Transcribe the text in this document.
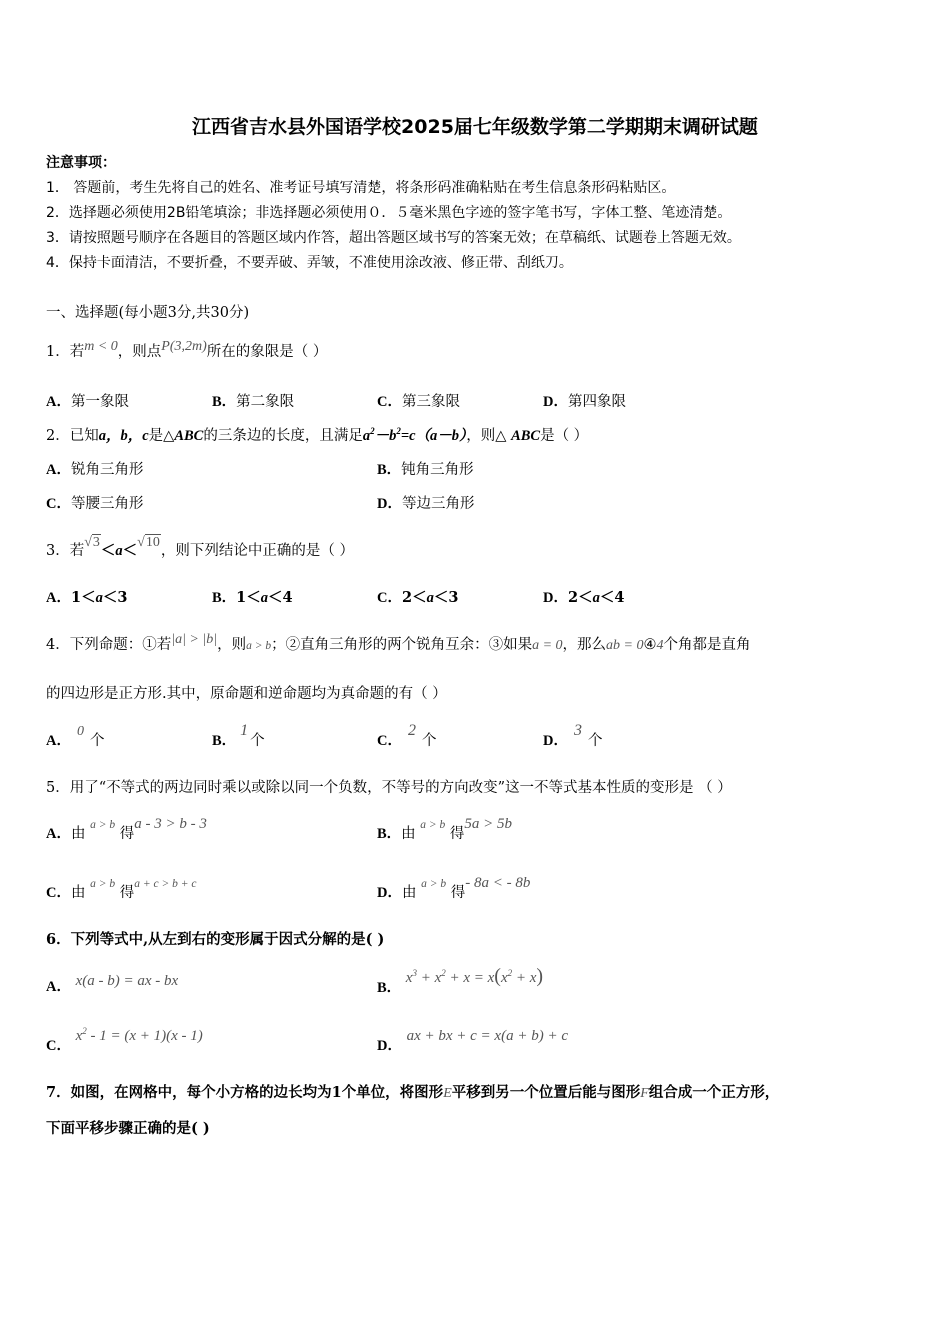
江西省吉水县外国语学校2025届七年级数学第二学期期末调研试题
注意事项：
1． 答题前，考生先将自己的姓名、准考证号填写清楚，将条形码准确粘贴在考生信息条形码粘贴区。
2．选择题必须使用2B铅笔填涂；非选择题必须使用０．５毫米黑色字迹的签字笔书写，字体工整、笔迹清楚。
3．请按照题号顺序在各题目的答题区域内作答，超出答题区域书写的答案无效；在草稿纸、试题卷上答题无效。
4．保持卡面清洁，不要折叠，不要弄破、弄皱，不准使用涂改液、修正带、刮纸刀。
一、选择题(每小题3分,共30分)
1．若m < 0，则点P(3,2m)所在的象限是（ ）
A．第一象限	B．第二象限	C．第三象限	D．第四象限
2．已知a，b，c是△ABC的三条边的长度，且满足$a^2-b^2=c(a-b)$，则△ ABC是（ ）
A．锐角三角形	B．钝角三角形
C．等腰三角形	D．等边三角形
3．若√3＜a＜√10，则下列结论中正确的是（ ）
A．1＜a＜3	B．1＜a＜4	C．2＜a＜3	D．2＜a＜4
4．下列命题：①若|a| > |b|，则a > b；②直角三角形的两个锐角互余：③如果a = 0，那么ab = 0④4个角都是直角
的四边形是正方形.其中，原命题和逆命题均为真命题的有（ ）
A．0个	B．1个	C．2个	D．3个
5．用了“不等式的两边同时乘以或除以同一个负数，不等号的方向改变”这一不等式基本性质的变形是 （ ）
A．由 $^{a > b}$ 得a - 3 > b - 3
B．由 $^{a > b}$ 得5a > 5b
C．由 $^{a > b}$ 得$^{a + c > b + c}$
D．由 $^{a > b}$ 得- 8a < - 8b
6．下列等式中,从左到右的变形属于因式分解的是( )
A． x(a - b) = ax - bx	B． $x^3 + x^2 + x = x(x^2 + x)$
C． $x^2 - 1 = (x + 1)(x - 1)$
D． ax + bx + c = x(a + b) + c
7．如图，在网格中，每个小方格的边长均为1个单位，将图形E平移到另一个位置后能与图形F组合成一个正方形，
下面平移步骤正确的是( )
